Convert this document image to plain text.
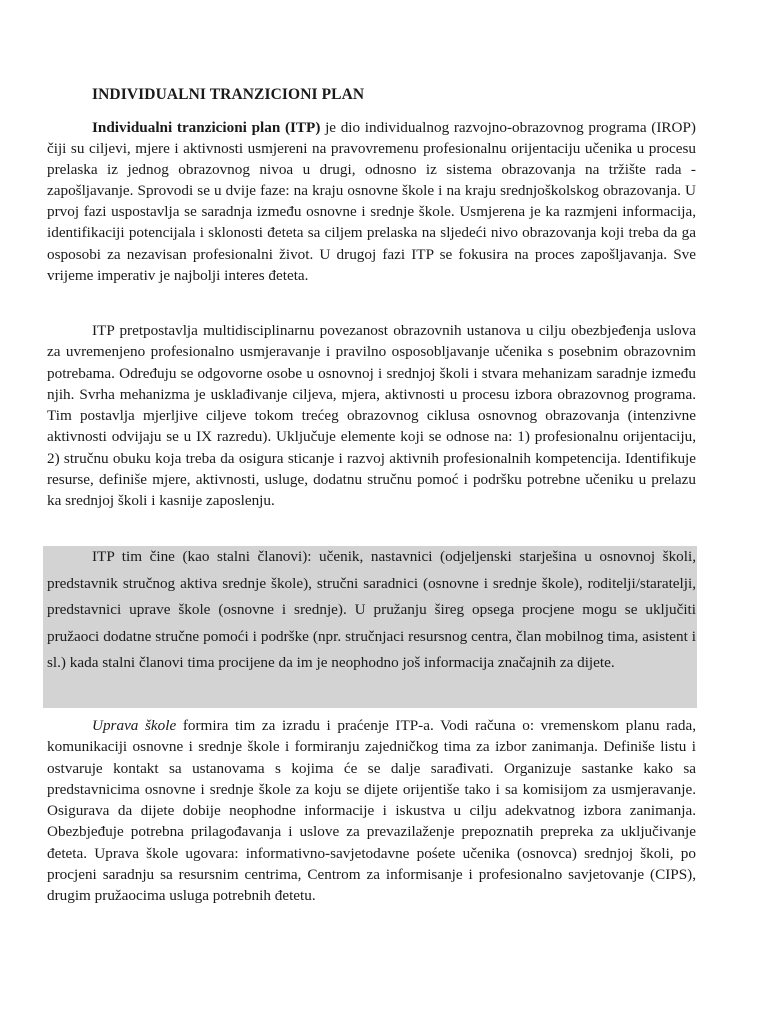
INDIVIDUALNI TRANZICIONI PLAN

Individualni tranzicioni plan (ITP) je dio individualnog razvojno-obrazovnog programa (IROP) čiji su ciljevi, mjere i aktivnosti usmjereni na pravovremenu profesionalnu orijentaciju učenika u procesu prelaska iz jednog obrazovnog nivoa u drugi, odnosno iz sistema obrazovanja na tržište rada - zapošljavanje. Sprovodi se u dvije faze: na kraju osnovne škole i na kraju srednjoškolskog obrazovanja. U prvoj fazi uspostavlja se saradnja između osnovne i srednje škole. Usmjerena je ka razmjeni informacija, identifikaciji potencijala i sklonosti đeteta sa ciljem prelaska na sljedeći nivo obrazovanja koji treba da ga osposobi za nezavisan profesionalni život. U drugoj fazi ITP se fokusira na proces zapošljavanja. Sve vrijeme imperativ je najbolji interes đeteta.

ITP pretpostavlja multidisciplinarnu povezanost obrazovnih ustanova u cilju obezbjeđenja uslova za uvremenjeno profesionalno usmjeravanje i pravilno osposobljavanje učenika s posebnim obrazovnim potrebama. Određuju se odgovorne osobe u osnovnoj i srednjoj školi i stvara mehanizam saradnje između njih. Svrha mehanizma je usklađivanje ciljeva, mjera, aktivnosti u procesu izbora obrazovnog programa. Tim postavlja mjerljive ciljeve tokom trećeg obrazovnog ciklusa osnovnog obrazovanja (intenzivne aktivnosti odvijaju se u IX razredu). Uključuje elemente koji se odnose na: 1) profesionalnu orijentaciju, 2) stručnu obuku koja treba da osigura sticanje i razvoj aktivnih profesionalnih kompetencija. Identifikuje resurse, definiše mjere, aktivnosti, usluge, dodatnu stručnu pomoć i podršku potrebne učeniku u prelazu ka srednjoj školi i kasnije zaposlenju.

ITP tim čine (kao stalni članovi): učenik, nastavnici (odjeljenski starješina u osnovnoj školi, predstavnik stručnog aktiva srednje škole), stručni saradnici (osnovne i srednje škole), roditelji/staratelji, predstavnici uprave škole (osnovne i srednje). U pružanju šireg opsega procjene mogu se uključiti pružaoci dodatne stručne pomoći i podrške (npr. stručnjaci resursnog centra, član mobilnog tima, asistent i sl.) kada stalni članovi tima procijene da im je neophodno još informacija značajnih za dijete.

Uprava škole formira tim za izradu i praćenje ITP-a. Vodi računa o: vremenskom planu rada, komunikaciji osnovne i srednje škole i formiranju zajedničkog tima za izbor zanimanja. Definiše listu i ostvaruje kontakt sa ustanovama s kojima će se dalje sarađivati. Organizuje sastanke kako sa predstavnicima osnovne i srednje škole za koju se dijete orijentiše tako i sa komisijom za usmjeravanje. Osigurava da dijete dobije neophodne informacije i iskustva u cilju adekvatnog izbora zanimanja. Obezbjeđuje potrebna prilagođavanja i uslove za prevazilaženje prepoznatih prepreka za uključivanje đeteta. Uprava škole ugovara: informativno-savjetodavne pośete učenika (osnovca) srednjoj školi, po procjeni saradnju sa resursnim centrima, Centrom za informisanje i profesionalno savjetovanje (CIPS), drugim pružaocima usluga potrebnih đetetu.
